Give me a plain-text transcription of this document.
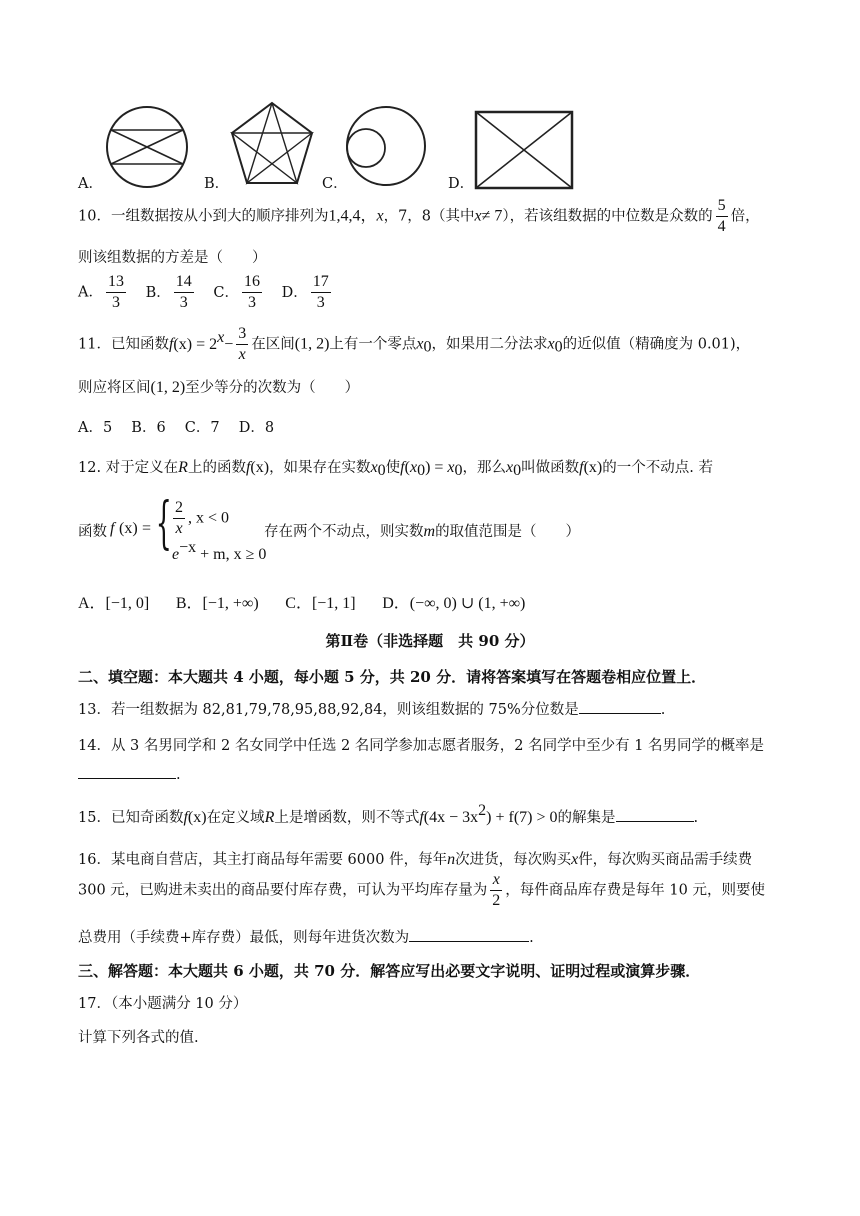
A．	B．	C．	D．
10．一组数据按从小到大的顺序排列为1,4,4，x，7，8（其中x≠ 7），若该组数据的中位数是众数的 $\frac{5}{4}$ 倍，
则该组数据的方差是（　　）
A． $\frac{13}{3}$ B． $\frac{14}{3}$ C． $\frac{16}{3}$ D． $\frac{17}{3}$
11．已知函数$f(x) = 2^x- \frac{3}{x}$ 在区间(1, 2)上有一个零点$x_0$，如果用二分法求$x_0$的近似值（精确度为 0.01)，
则应将区间(1, 2)至少等分的次数为（　　）
A．5　 B．6　 C．7　 D．8
12. 对于定义在R上的函数f(x)，如果存在实数$x_0$使$f(x_0) = x_0$，那么$x_0$叫做函数f(x)的一个不动点. 若
函数 f (x) = { $\frac{2}{x}$ , x < 0
$e^{-x} + m$, x ≥ 0
存在两个不动点，则实数m的取值范围是（　　）
A．[−1, 0] B．[−1, +∞) C．[−1, 1] D．(−∞, 0) ∪ (1, +∞)
第Ⅱ卷（非选择题　共 90 分）
二、填空题：本大题共 4 小题，每小题 5 分，共 20 分．请将答案填写在答题卷相应位置上．
13．若一组数据为 82,81,79,78,95,88,92,84，则该组数据的 75%分位数是	.
14．从 3 名男同学和 2 名女同学中任选 2 名同学参加志愿者服务，2 名同学中至少有 1 名男同学的概率是
.
15．已知奇函数f(x)在定义域R上是增函数，则不等式$f(4x - 3x^2) + f(7) > 0$的解集是	.
16．某电商自营店，其主打商品每年需要 6000 件，每年n次进货，每次购买x件，每次购买商品需手续费
300 元，已购进未卖出的商品要付库存费，可认为平均库存量为 $\frac{x}{2}$ ，每件商品库存费是每年 10 元，则要使
总费用（手续费+库存费）最低，则每年进货次数为	.
三、解答题：本大题共 6 小题，共 70 分．解答应写出必要文字说明、证明过程或演算步骤．
17．（本小题满分 10 分）
计算下列各式的值.
